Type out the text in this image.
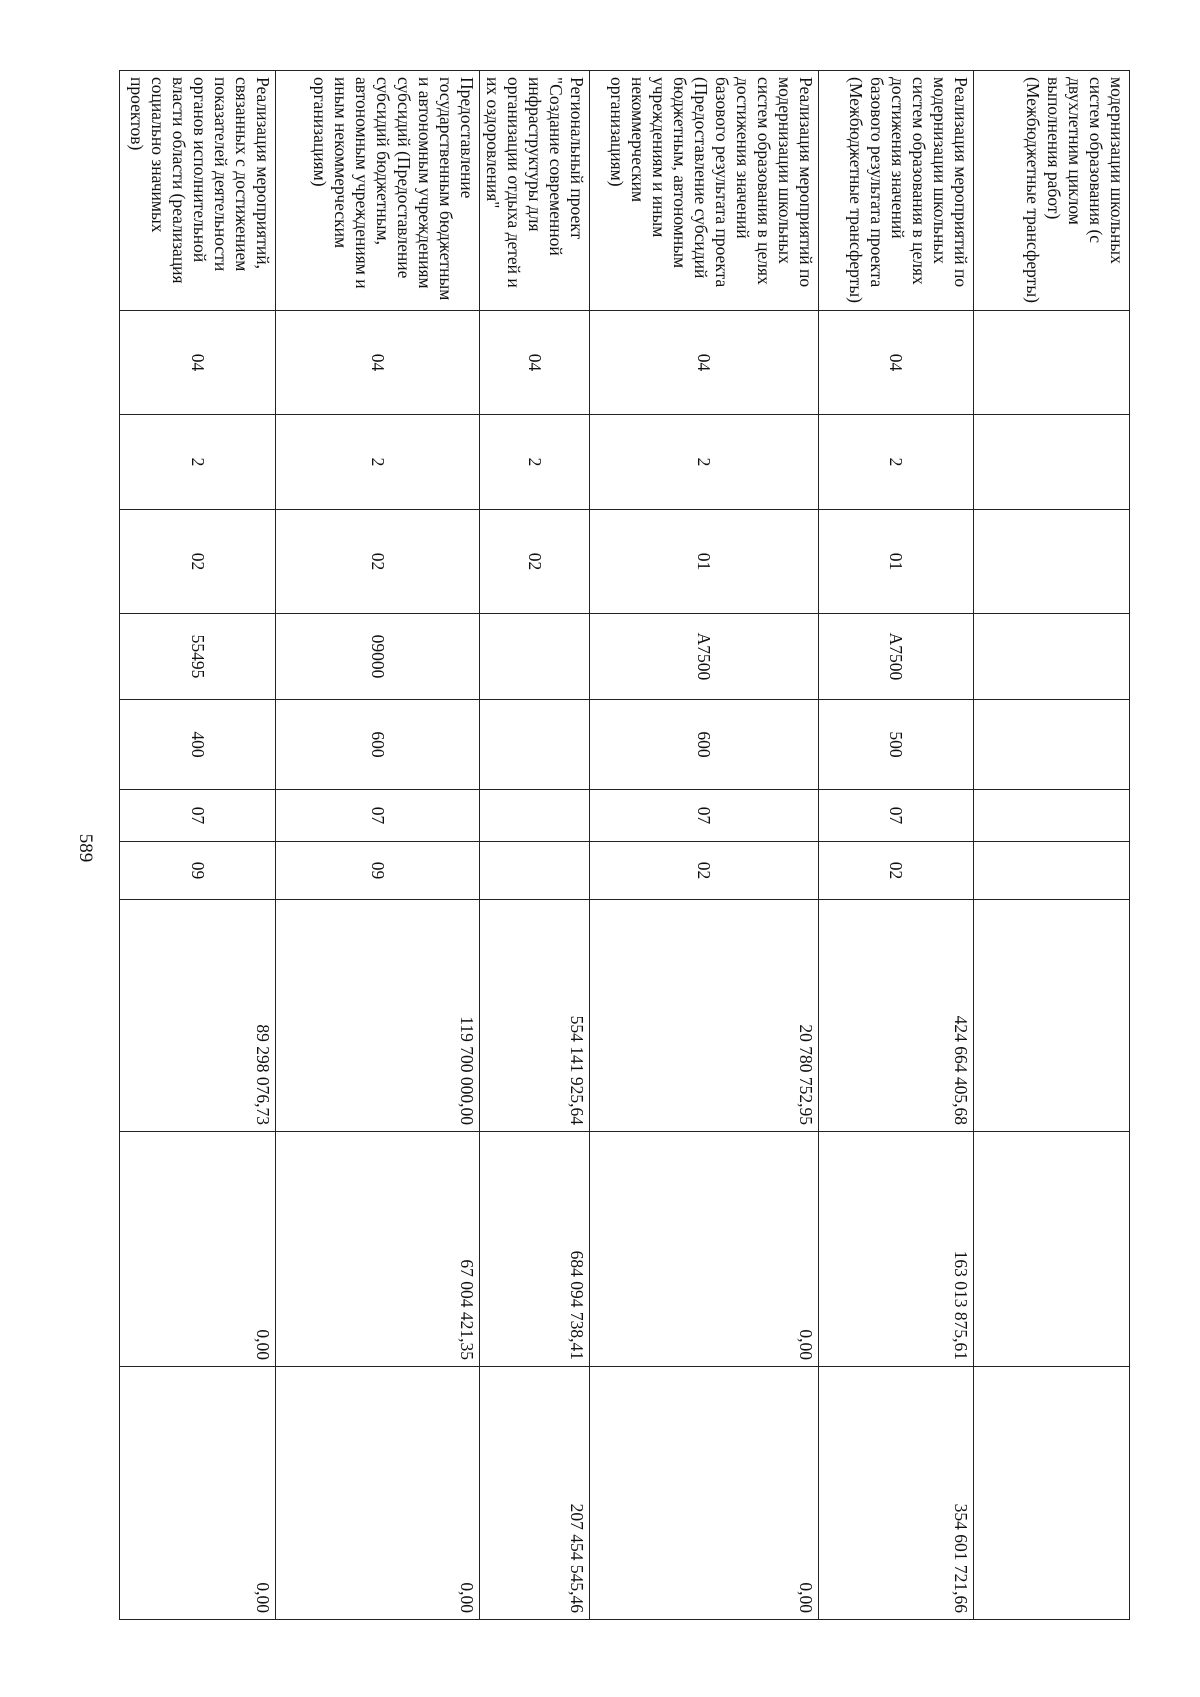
589
модернизации школьных систем образования (с двухлетним циклом выполнения работ) (Межбюджетные трансферты)										
Реализация мероприятий по модернизации школьных систем образования в целях достижения значений базового результата проекта (Межбюджетные трансферты)	04	2	01	A7500	500	07	02	424 664 405,68	163 013 875,61	354 601 721,66
Реализация мероприятий по модернизации школьных систем образования в целях достижения значений базового результата проекта (Предоставление субсидий бюджетным, автономным учреждениям и иным некоммерческим организациям)	04	2	01	A7500	600	07	02	20 780 752,95	0,00	0,00
Региональный проект "Создание современной инфраструктуры для организации отдыха детей и их оздоровления"	04	2	02					554 141 925,64	684 094 738,41	207 454 545,46
Предоставление государственным бюджетным и автономным учреждениям субсидий (Предоставление субсидий бюджетным, автономным учреждениям и иным некоммерческим организациям)	04	2	02	09000	600	07	09	119 700 000,00	67 004 421,35	0,00
Реализация мероприятий, связанных с достижением показателей деятельности органов исполнительной власти области (реализация социально значимых проектов)	04	2	02	55495	400	07	09	89 298 076,73	0,00	0,00
